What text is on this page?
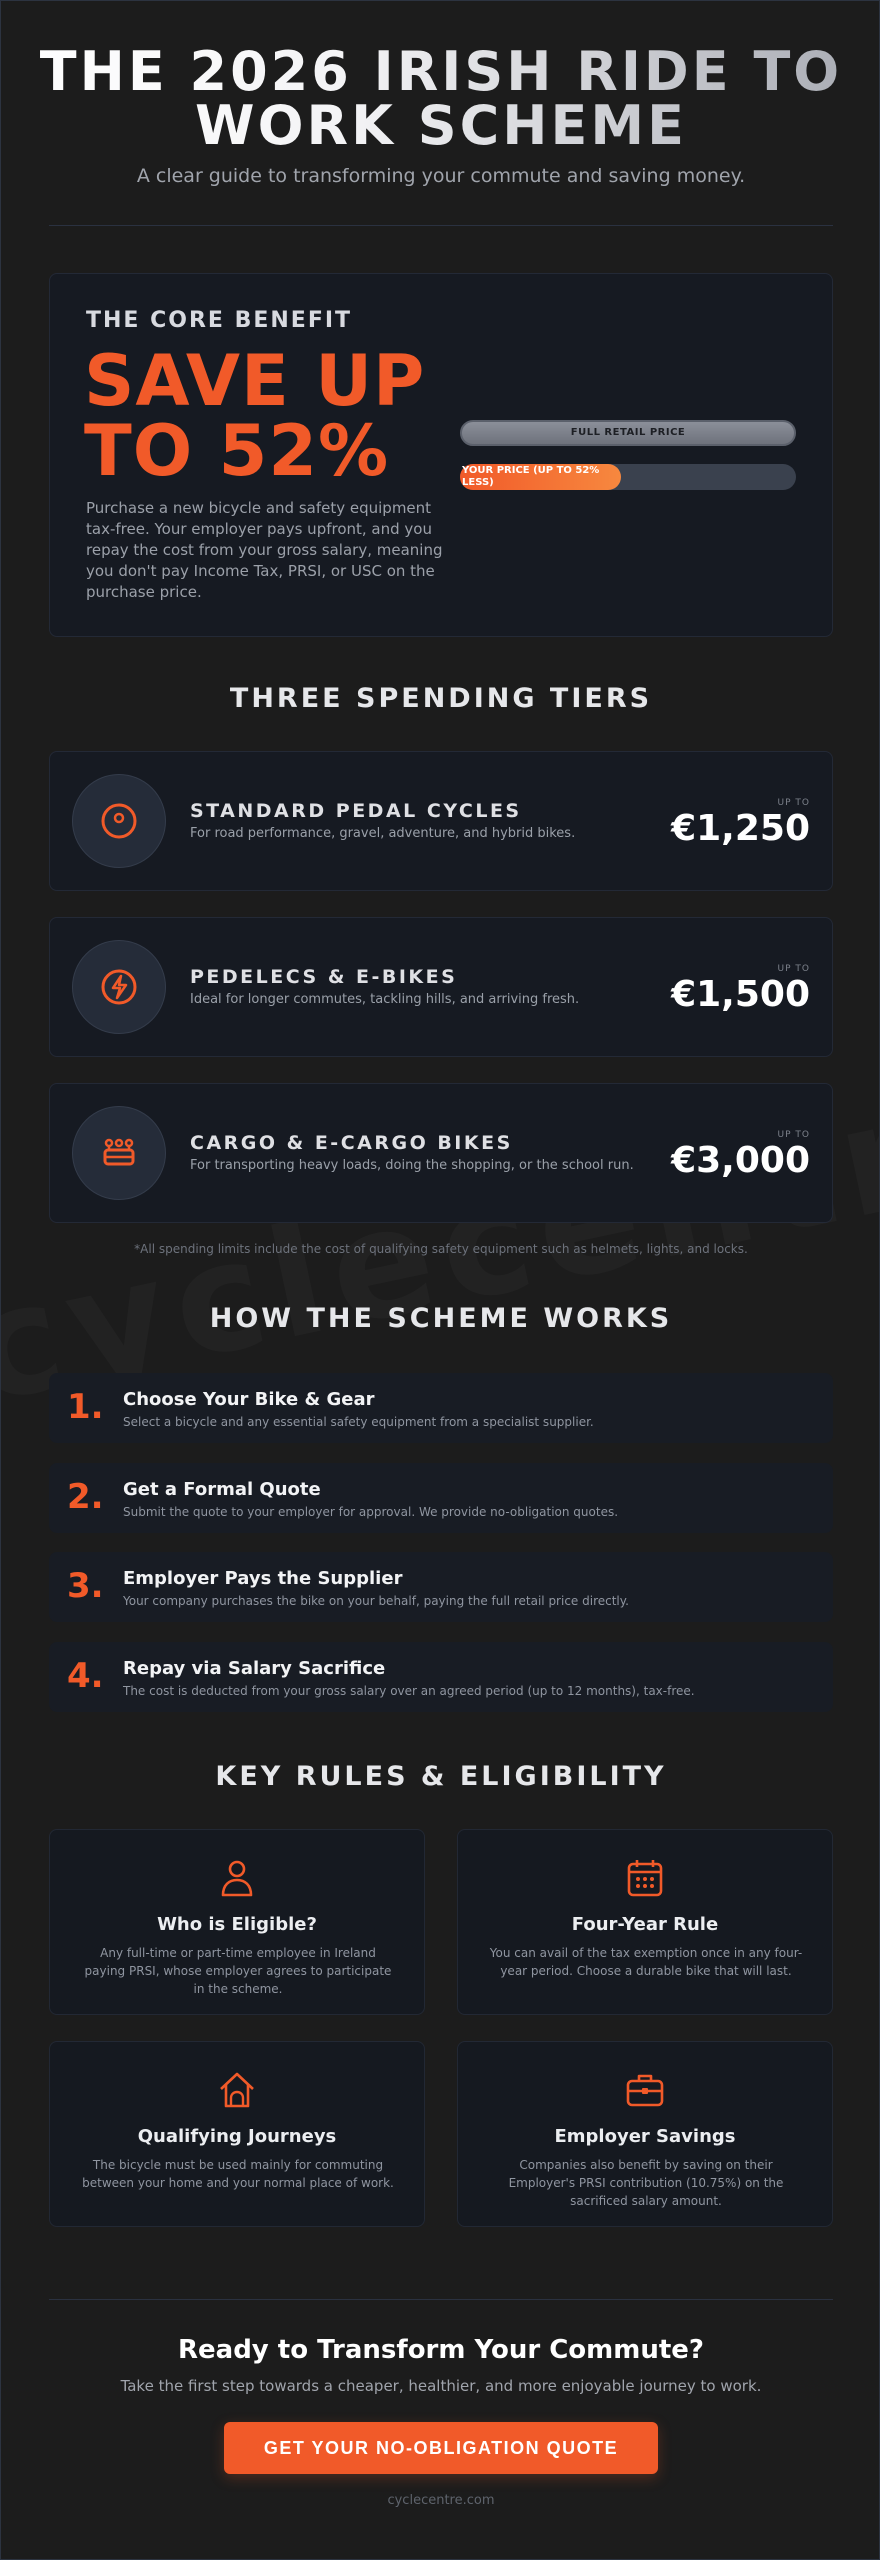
THE 2026 IRISH RIDE TO WORK SCHEME

A clear guide to transforming your commute and saving money.

THE CORE BENEFIT
SAVE UP TO 52%

Purchase a new bicycle and safety equipment tax-free. Your employer pays upfront, and you repay the cost from your gross salary, meaning you don't pay Income Tax, PRSI, or USC on the purchase price.

FULL RETAIL PRICE
YOUR PRICE (UP TO 52% LESS)
THREE SPENDING TIERS
STANDARD PEDAL CYCLES
For road performance, gravel, adventure, and hybrid bikes.
UP TO
€1,250
PEDELECS & E-BIKES
Ideal for longer commutes, tackling hills, and arriving fresh.
UP TO
€1,500
CARGO & E-CARGO BIKES
For transporting heavy loads, doing the shopping, or the school run.
UP TO
€3,000

*All spending limits include the cost of qualifying safety equipment such as helmets, lights, and locks.

HOW THE SCHEME WORKS
1. Choose Your Bike & Gear
Select a bicycle and any essential safety equipment from a specialist supplier.
2. Get a Formal Quote
Submit the quote to your employer for approval. We provide no-obligation quotes.
3. Employer Pays the Supplier
Your company purchases the bike on your behalf, paying the full retail price directly.
4. Repay via Salary Sacrifice
The cost is deducted from your gross salary over an agreed period (up to 12 months), tax-free.
KEY RULES & ELIGIBILITY
Who is Eligible?

Any full-time or part-time employee in Ireland paying PRSI, whose employer agrees to participate in the scheme.

Four-Year Rule

You can avail of the tax exemption once in any four-year period. Choose a durable bike that will last.

Qualifying Journeys

The bicycle must be used mainly for commuting between your home and your normal place of work.

Employer Savings

Companies also benefit by saving on their Employer's PRSI contribution (10.75%) on the sacrificed salary amount.

Ready to Transform Your Commute?

Take the first step towards a cheaper, healthier, and more enjoyable journey to work.

GET YOUR NO-OBLIGATION QUOTE
cyclecentre.com
